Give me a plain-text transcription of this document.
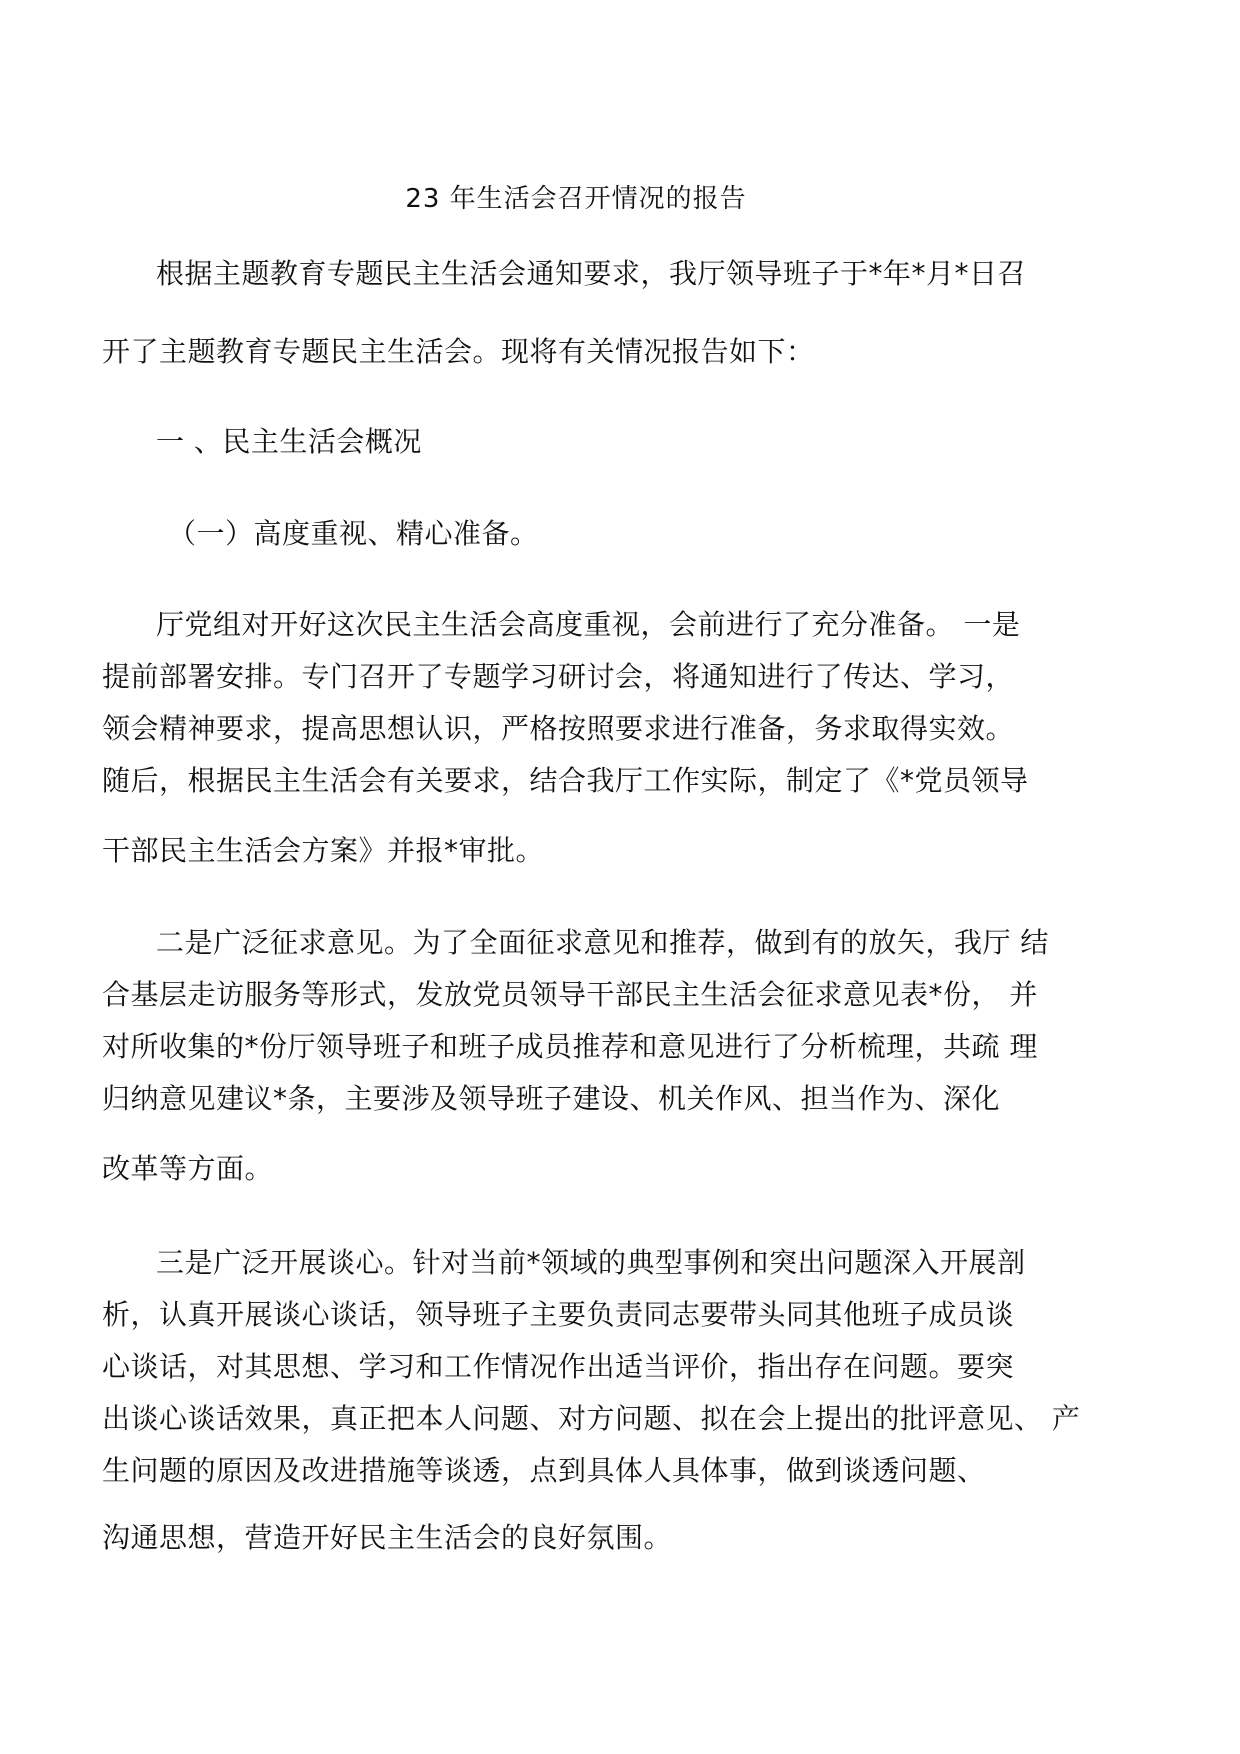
23 年生活会召开情况的报告
根据主题教育专题民主生活会通知要求，我厅领导班子于*年*月*日召
开了主题教育专题民主生活会。现将有关情况报告如下：
一 、民主生活会概况
（一）高度重视、精心准备。
厅党组对开好这次民主生活会高度重视，会前进行了充分准备。 一是
提前部署安排。专门召开了专题学习研讨会，将通知进行了传达、学习，
领会精神要求，提高思想认识，严格按照要求进行准备，务求取得实效。
随后，根据民主生活会有关要求，结合我厅工作实际，制定了《*党员领导
干部民主生活会方案》并报*审批。
二是广泛征求意见。为了全面征求意见和推荐，做到有的放矢，我厅 结
合基层走访服务等形式，发放党员领导干部民主生活会征求意见表*份， 并
对所收集的*份厅领导班子和班子成员推荐和意见进行了分析梳理，共疏 理
归纳意见建议*条，主要涉及领导班子建设、机关作风、担当作为、深化
改革等方面。
三是广泛开展谈心。针对当前*领域的典型事例和突出问题深入开展剖
析，认真开展谈心谈话，领导班子主要负责同志要带头同其他班子成员谈
心谈话，对其思想、学习和工作情况作出适当评价，指出存在问题。要突
出谈心谈话效果，真正把本人问题、对方问题、拟在会上提出的批评意见、 产
生问题的原因及改进措施等谈透，点到具体人具体事，做到谈透问题、
沟通思想，营造开好民主生活会的良好氛围。
